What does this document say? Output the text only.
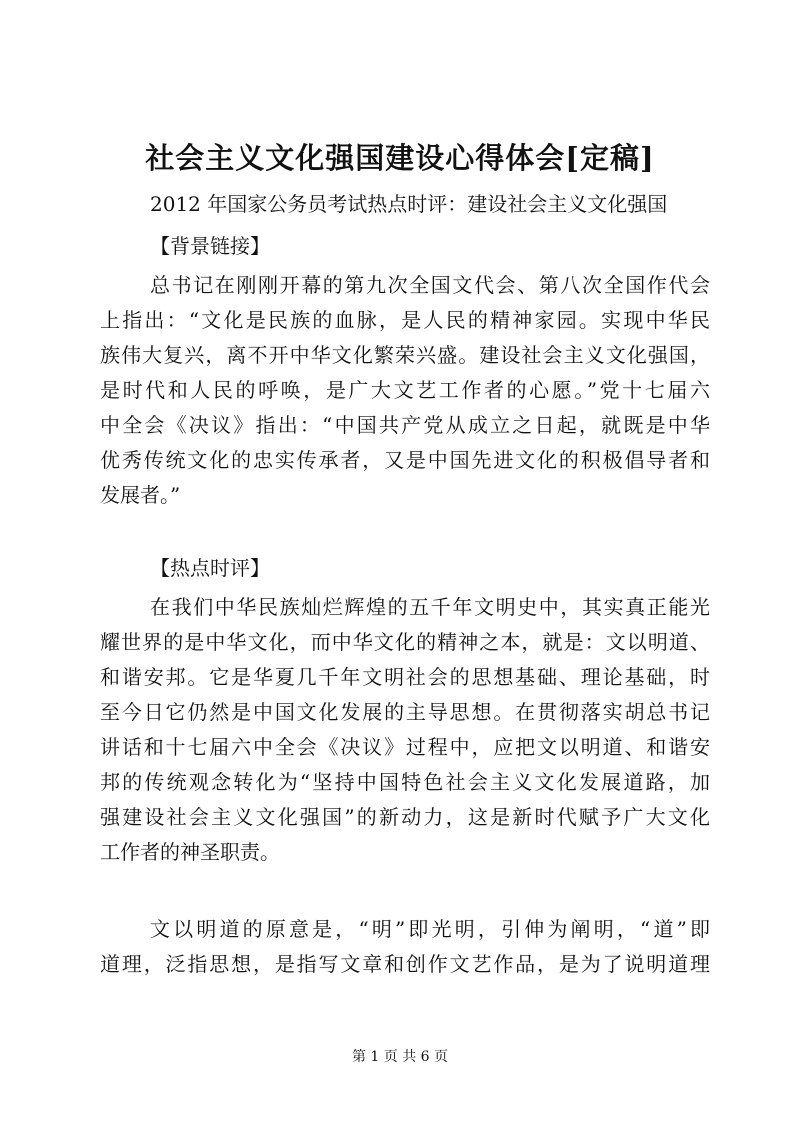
社会主义文化强国建设心得体会[定稿]
2012 年国家公务员考试热点时评：建设社会主义文化强国
【背景链接】
总书记在刚刚开幕的第九次全国文代会、第八次全国作代会
上指出：“文化是民族的血脉，是人民的精神家园。实现中华民
族伟大复兴，离不开中华文化繁荣兴盛。建设社会主义文化强国，
是时代和人民的呼唤，是广大文艺工作者的心愿。”党十七届六
中全会《决议》指出：“中国共产党从成立之日起，就既是中华
优秀传统文化的忠实传承者，又是中国先进文化的积极倡导者和
发展者。”
【热点时评】
在我们中华民族灿烂辉煌的五千年文明史中，其实真正能光
耀世界的是中华文化，而中华文化的精神之本，就是：文以明道、
和谐安邦。它是华夏几千年文明社会的思想基础、理论基础，时
至今日它仍然是中国文化发展的主导思想。在贯彻落实胡总书记
讲话和十七届六中全会《决议》过程中，应把文以明道、和谐安
邦的传统观念转化为“坚持中国特色社会主义文化发展道路，加
强建设社会主义文化强国”的新动力，这是新时代赋予广大文化
工作者的神圣职责。
文以明道的原意是，“明”即光明，引伸为阐明，“道”即
道理，泛指思想，是指写文章和创作文艺作品，是为了说明道理
第 1 页 共 6 页
